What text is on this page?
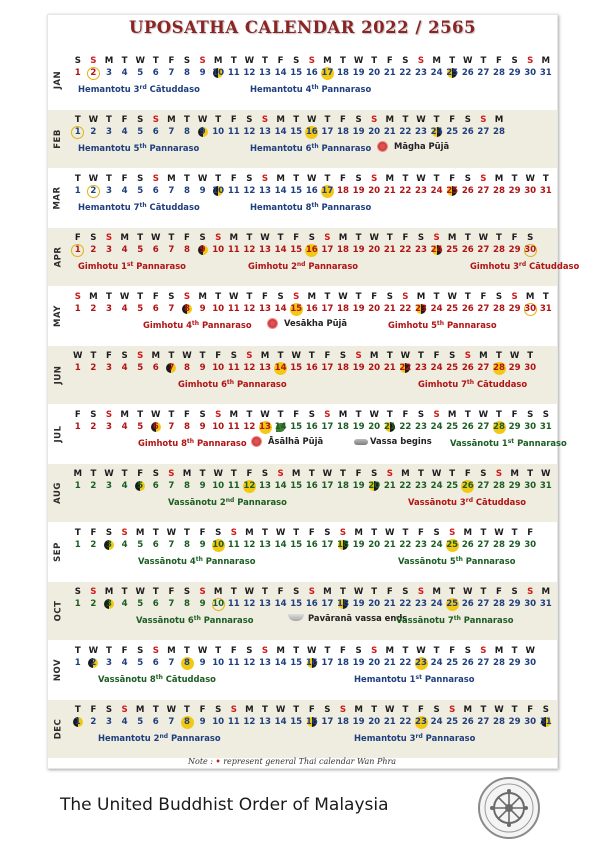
UPOSATHA CALENDAR 2022 / 2565
JAN
S	S M T W T	F	S	S M T W T	F	S	S M T W T	F	S	S M T W T	F	S	S M
1	2	3	4	5	6	7	8	9 10 11 12 13 14 15 16 17 18 19 20 21 22 23 24 25 26 27 28 29 30 31
Hemantotu 3rd Cātuddaso	Hemantotu 4th Pannaraso
FEB
T W T	F	S	S M T W T	F	S	S M T W T	F	S	S M T W T	F	S	S M
1	2	3	4	5	6	7	8	9 10 11 12 13 14 15 16 17 18 19 20 21 22 23 24 25 26 27 28
Hemantotu 5th Pannaraso	Hemantotu 6th Pannaraso	Māgha Pūjā
MAR
T W T	F	S	S M T W T	F	S	S M T W T	F	S	S M T W T	F	S	S M T W T
1	2	3	4	5	6	7	8	9 10 11 12 13 14 15 16 17 18 19 20 21 22 23 24 25 26 27 28 29 30 31
Hemantotu 7th Cātuddaso	Hemantotu 8th Pannaraso
APR
F	S	S M T W T	F	S	S M T W T	F	S	S M T W T	F	S	S M T W T	F	S
1	2	3	4	5	6	7	8	9 10 11 12 13 14 15 16 17 18 19 20 21 22 23 24 25 26 27 28 29 30
Gimhotu 1st Pannaraso	Gimhotu 2nd Pannaraso	Gimhotu 3rd Cātuddaso
MAY
S M T W T	F	S	S M T W T	F	S	S M T W T	F	S	S M T W T	F	S	S M T
1	2	3	4	5	6	7	8	9 10 11 12 13 14 15 16 17 18 19 20 21 22 23 24 25 26 27 28 29 30 31
Gimhotu 4th Pannaraso	Vesākha Pūjā	Gimhotu 5th Pannaraso
JUN
W T	F	S	S M T W T	F	S	S M T W T	F	S	S M T W T	F	S	S M T W T
1	2	3	4	5	6	7	8	9 10 11 12 13 14 15 16 17 18 19 20 21 22 23 24 25 26 27 28 29 30
Gimhotu 6th Pannaraso	Gimhotu 7th Cātuddaso
JUL
F	S	S M T W T	F	S	S M T W T	F	S	S M T W T	F	S	S M T W T	F	S	S
1	2	3	4	5	6	7	8	9 10 11 12 13 14 15 16 17 18 19 20 21 22 23 24 25 26 27 28 29 30 31
Gimhotu 8th Pannaraso	Āsālhā Pūjā	Vassa begins Vassānotu 1st Pannaraso
AUG
M T W T	F	S	S M T W T	F	S	S M T W T	F	S	S M T W T	F	S	S M T W
1	2	3	4	5	6	7	8	9 10 11 12 13 14 15 16 17 18 19 20 21 22 23 24 25 26 27 28 29 30 31
Vassānotu 2nd Pannaraso	Vassānotu 3rd Cātuddaso
SEP
T	F	S	S M T W T	F	S	S M T W T	F	S	S M T W T	F	S	S M T W T	F
1	2	3	4	5	6	7	8	9 10 11 12 13 14 15 16 17 18 19 20 21 22 23 24 25 26 27 28 29 30
Vassānotu 4th Pannaraso	Vassānotu 5th Pannaraso
OCT
S	S M T W T	F	S	S M T W T	F	S	S M T W T	F	S	S M T W T	F	S	S M
1	2	3	4	5	6	7	8	9 10 11 12 13 14 15 16 17 18 19 20 21 22 23 24 25 26 27 28 29 30 31
Vassānotu 6th Pannaraso	Pavāranā vassa ends
Vassānotu 7th Pannaraso
NOV
T W T	F	S	S M T W T	F	S	S M T W T	F	S	S M T W T	F	S	S M T W
1	2	3	4	5	6	7	8	9 10 11 12 13 14 15 16 17 18 19 20 21 22 23 24 25 26 27 28 29 30
Vassānotu 8th Cātuddaso	Hemantotu 1st Pannaraso
DEC
T	F	S	S M T W T	F	S	S M T W T	F	S	S M T W T	F	S	S M T W T	F	S
1	2	3	4	5	6	7	8	9 10 11 12 13 14 15 16 17 18 19 20 21 22 23 24 25 26 27 28 29 30 31
Hemantotu 2nd Pannaraso	Hemantotu 3rd Pannaraso
Note : • represent general Thai calendar Wan Phra
The United Buddhist Order of Malaysia
